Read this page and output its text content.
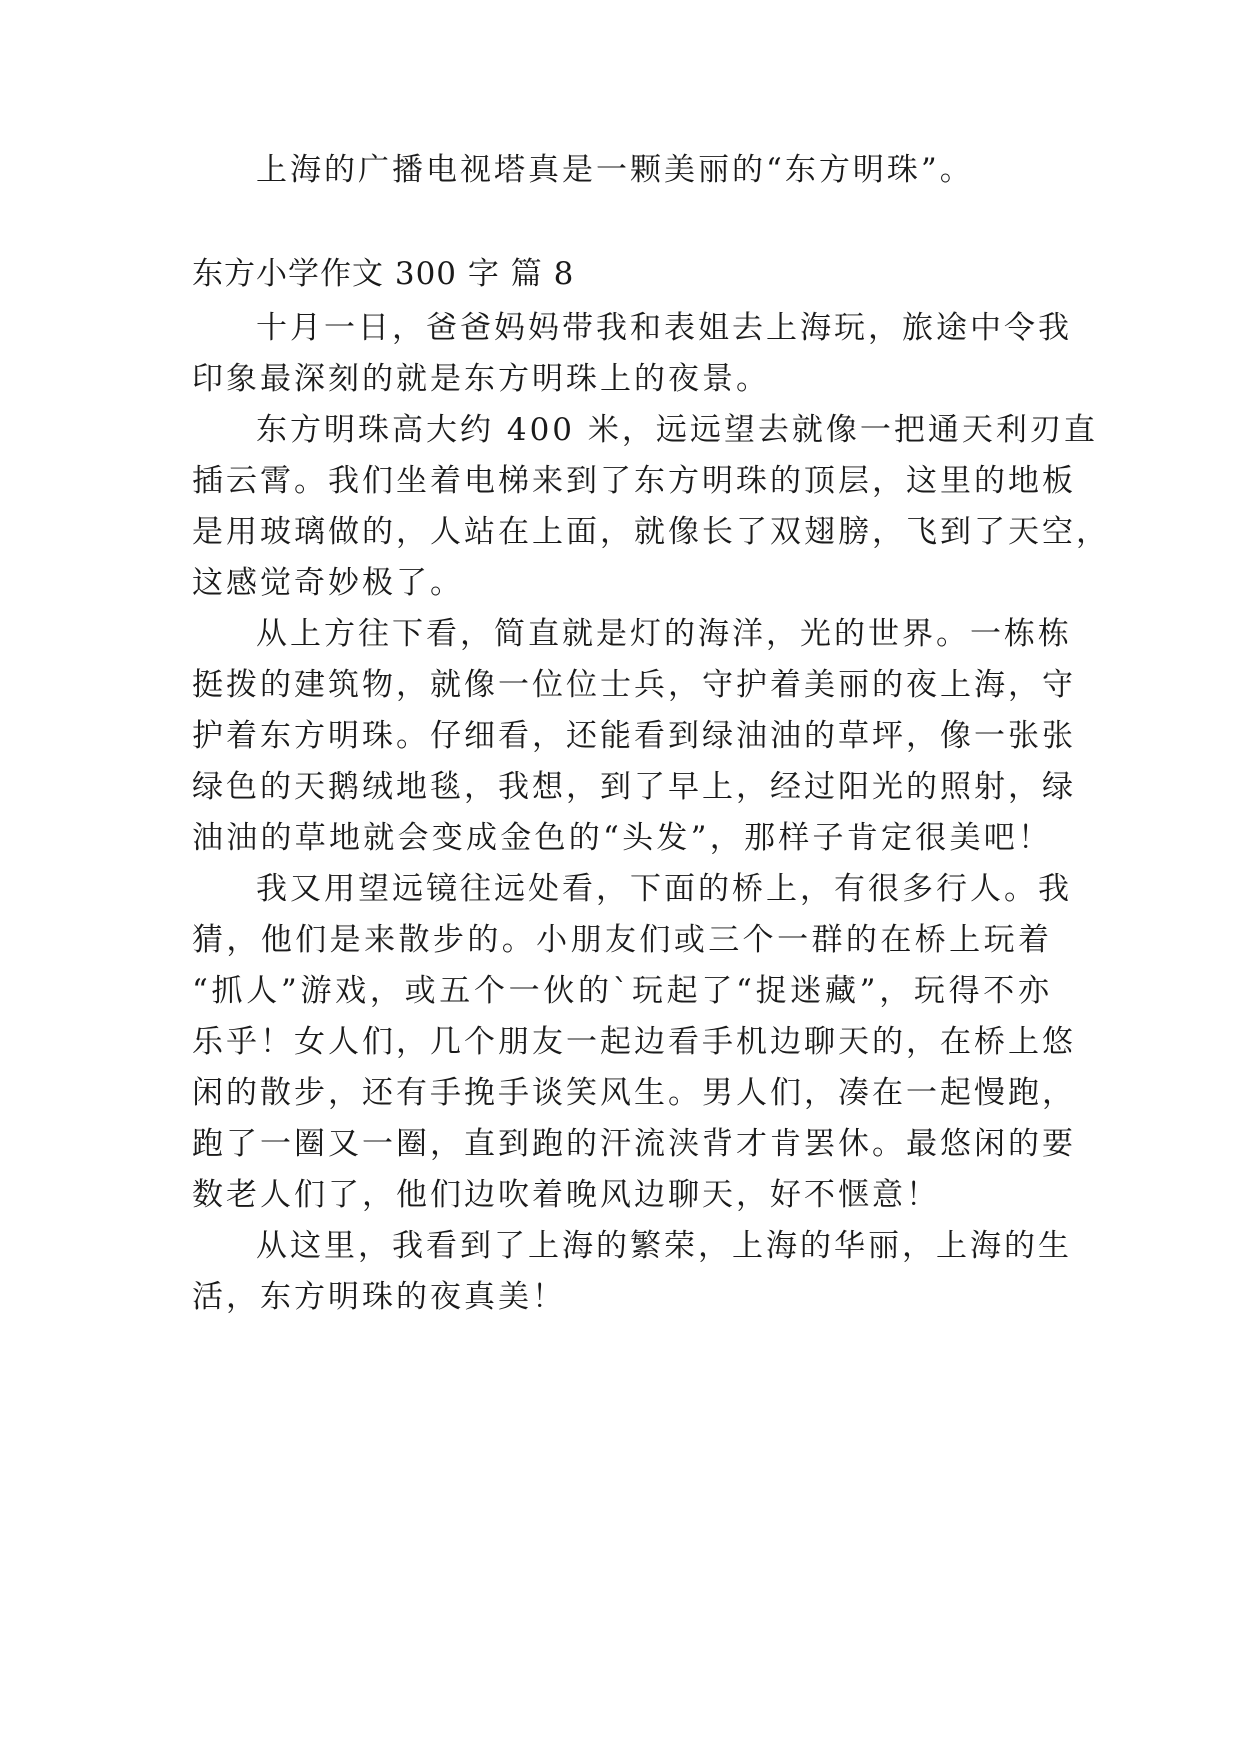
上海的广播电视塔真是一颗美丽的“东方明珠”。
东方小学作文 300 字 篇 8
十月一日，爸爸妈妈带我和表姐去上海玩，旅途中令我
印象最深刻的就是东方明珠上的夜景。
东方明珠高大约 400 米，远远望去就像一把通天利刃直
插云霄。我们坐着电梯来到了东方明珠的顶层，这里的地板
是用玻璃做的，人站在上面，就像长了双翅膀，飞到了天空，
这感觉奇妙极了。
从上方往下看，简直就是灯的海洋，光的世界。一栋栋
挺拨的建筑物，就像一位位士兵，守护着美丽的夜上海，守
护着东方明珠。仔细看，还能看到绿油油的草坪，像一张张
绿色的天鹅绒地毯，我想，到了早上，经过阳光的照射，绿
油油的草地就会变成金色的“头发”，那样子肯定很美吧！
我又用望远镜往远处看，下面的桥上，有很多行人。我
猜，他们是来散步的。小朋友们或三个一群的在桥上玩着
“抓人”游戏，或五个一伙的`玩起了“捉迷藏”，玩得不亦
乐乎！女人们，几个朋友一起边看手机边聊天的，在桥上悠
闲的散步，还有手挽手谈笑风生。男人们，凑在一起慢跑，
跑了一圈又一圈，直到跑的汗流浃背才肯罢休。最悠闲的要
数老人们了，他们边吹着晚风边聊天，好不惬意！
从这里，我看到了上海的繁荣，上海的华丽，上海的生
活，东方明珠的夜真美！
